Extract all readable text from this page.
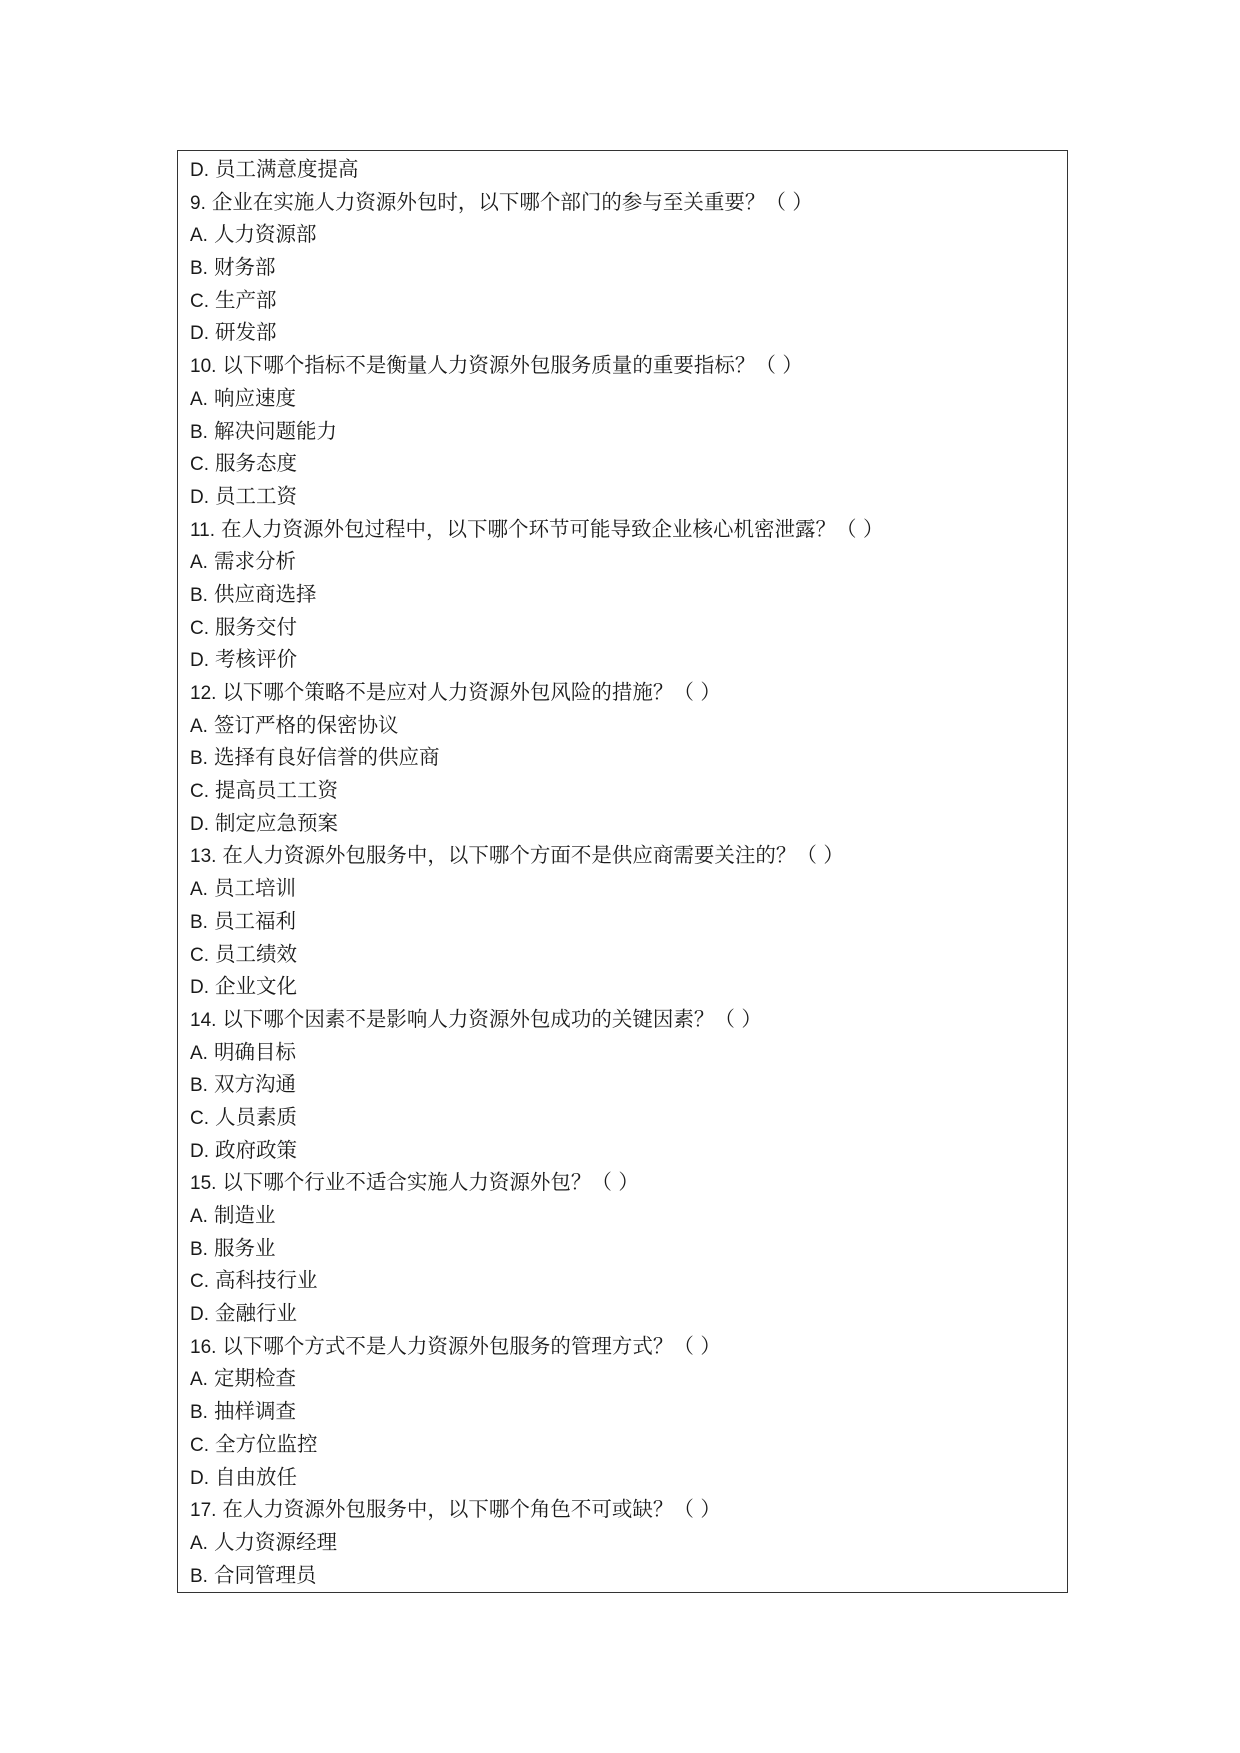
D. 员工满意度提高
9. 企业在实施人力资源外包时，以下哪个部门的参与至关重要？（ ）
A. 人力资源部
B. 财务部
C. 生产部
D. 研发部
10. 以下哪个指标不是衡量人力资源外包服务质量的重要指标？（ ）
A. 响应速度
B. 解决问题能力
C. 服务态度
D. 员工工资
11. 在人力资源外包过程中，以下哪个环节可能导致企业核心机密泄露？（ ）
A. 需求分析
B. 供应商选择
C. 服务交付
D. 考核评价
12. 以下哪个策略不是应对人力资源外包风险的措施？（ ）
A. 签订严格的保密协议
B. 选择有良好信誉的供应商
C. 提高员工工资
D. 制定应急预案
13. 在人力资源外包服务中，以下哪个方面不是供应商需要关注的？（ ）
A. 员工培训
B. 员工福利
C. 员工绩效
D. 企业文化
14. 以下哪个因素不是影响人力资源外包成功的关键因素？（ ）
A. 明确目标
B. 双方沟通
C. 人员素质
D. 政府政策
15. 以下哪个行业不适合实施人力资源外包？（ ）
A. 制造业
B. 服务业
C. 高科技行业
D. 金融行业
16. 以下哪个方式不是人力资源外包服务的管理方式？（ ）
A. 定期检查
B. 抽样调查
C. 全方位监控
D. 自由放任
17. 在人力资源外包服务中，以下哪个角色不可或缺？（ ）
A. 人力资源经理
B. 合同管理员
